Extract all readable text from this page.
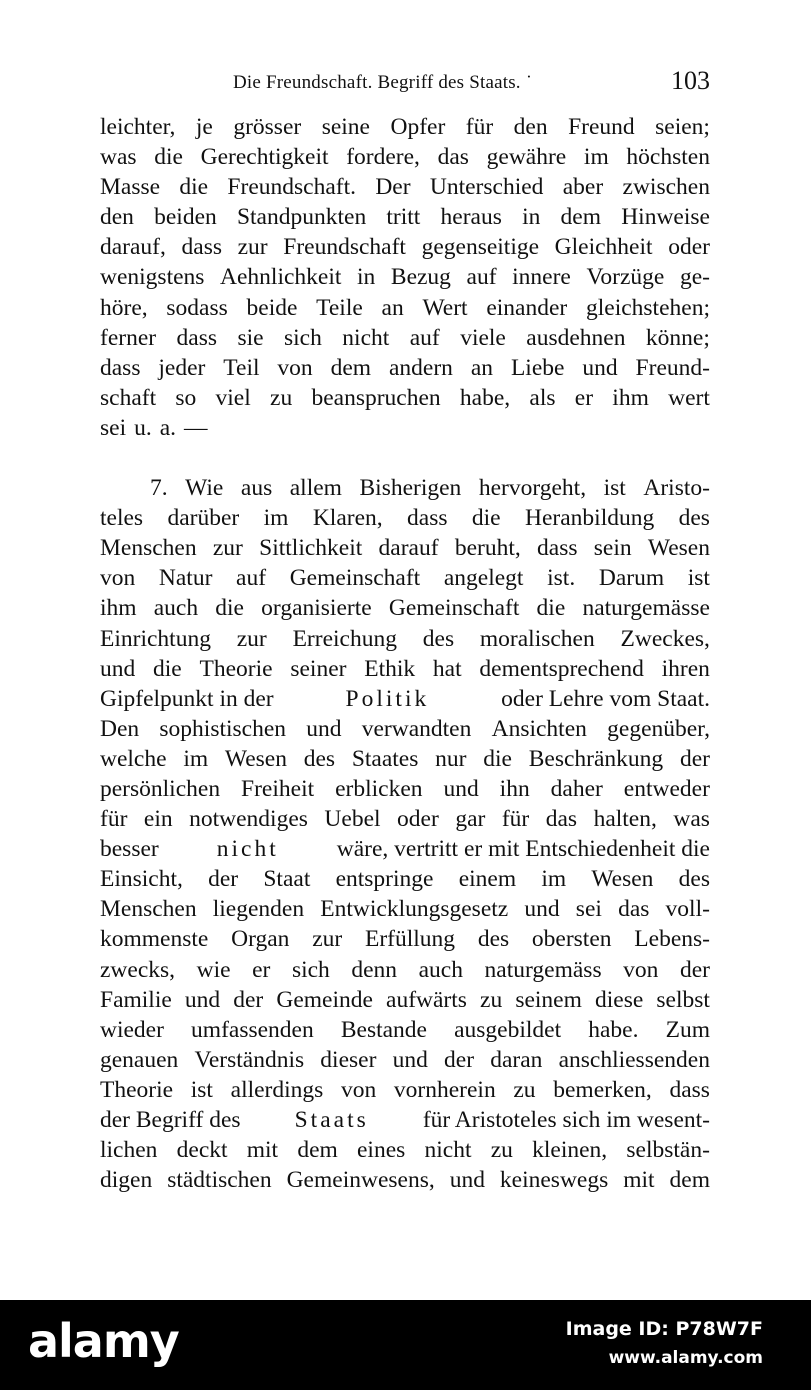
Die Freundschaft. Begriff des Staats. ˙	103
leichter, je grösser seine Opfer für den Freund seien;
was die Gerechtigkeit fordere, das gewähre im höchsten
Masse die Freundschaft. Der Unterschied aber zwischen
den beiden Standpunkten tritt heraus in dem Hinweise
darauf, dass zur Freundschaft gegenseitige Gleichheit oder
wenigstens Aehnlichkeit in Bezug auf innere Vorzüge ge-
höre, sodass beide Teile an Wert einander gleichstehen;
ferner dass sie sich nicht auf viele ausdehnen könne;
dass jeder Teil von dem andern an Liebe und Freund-
schaft so viel zu beanspruchen habe, als er ihm wert
sei u. a. —
7. Wie aus allem Bisherigen hervorgeht, ist Aristo-
teles darüber im Klaren, dass die Heranbildung des
Menschen zur Sittlichkeit darauf beruht, dass sein Wesen
von Natur auf Gemeinschaft angelegt ist. Darum ist
ihm auch die organisierte Gemeinschaft die naturgemässe
Einrichtung zur Erreichung des moralischen Zweckes,
und die Theorie seiner Ethik hat dementsprechend ihren
Gipfelpunkt in der	Politik	oder Lehre vom Staat.
Den sophistischen und verwandten Ansichten gegenüber,
welche im Wesen des Staates nur die Beschränkung der
persönlichen Freiheit erblicken und ihn daher entweder
für ein notwendiges Uebel oder gar für das halten, was
besser nicht wäre, vertritt er mit Entschiedenheit die
Einsicht, der Staat entspringe einem im Wesen des
Menschen liegenden Entwicklungsgesetz und sei das voll-
kommenste Organ zur Erfüllung des obersten Lebens-
zwecks, wie er sich denn auch naturgemäss von der
Familie und der Gemeinde aufwärts zu seinem diese selbst
wieder umfassenden Bestande ausgebildet habe. Zum
genauen Verständnis dieser und der daran anschliessenden
Theorie ist allerdings von vornherein zu bemerken, dass
der Begriff des Staats für Aristoteles sich im wesent-
lichen deckt mit dem eines nicht zu kleinen, selbstän-
digen städtischen Gemeinwesens, und keineswegs mit dem
alamy	Image ID: P78W7F
www.alamy.com
